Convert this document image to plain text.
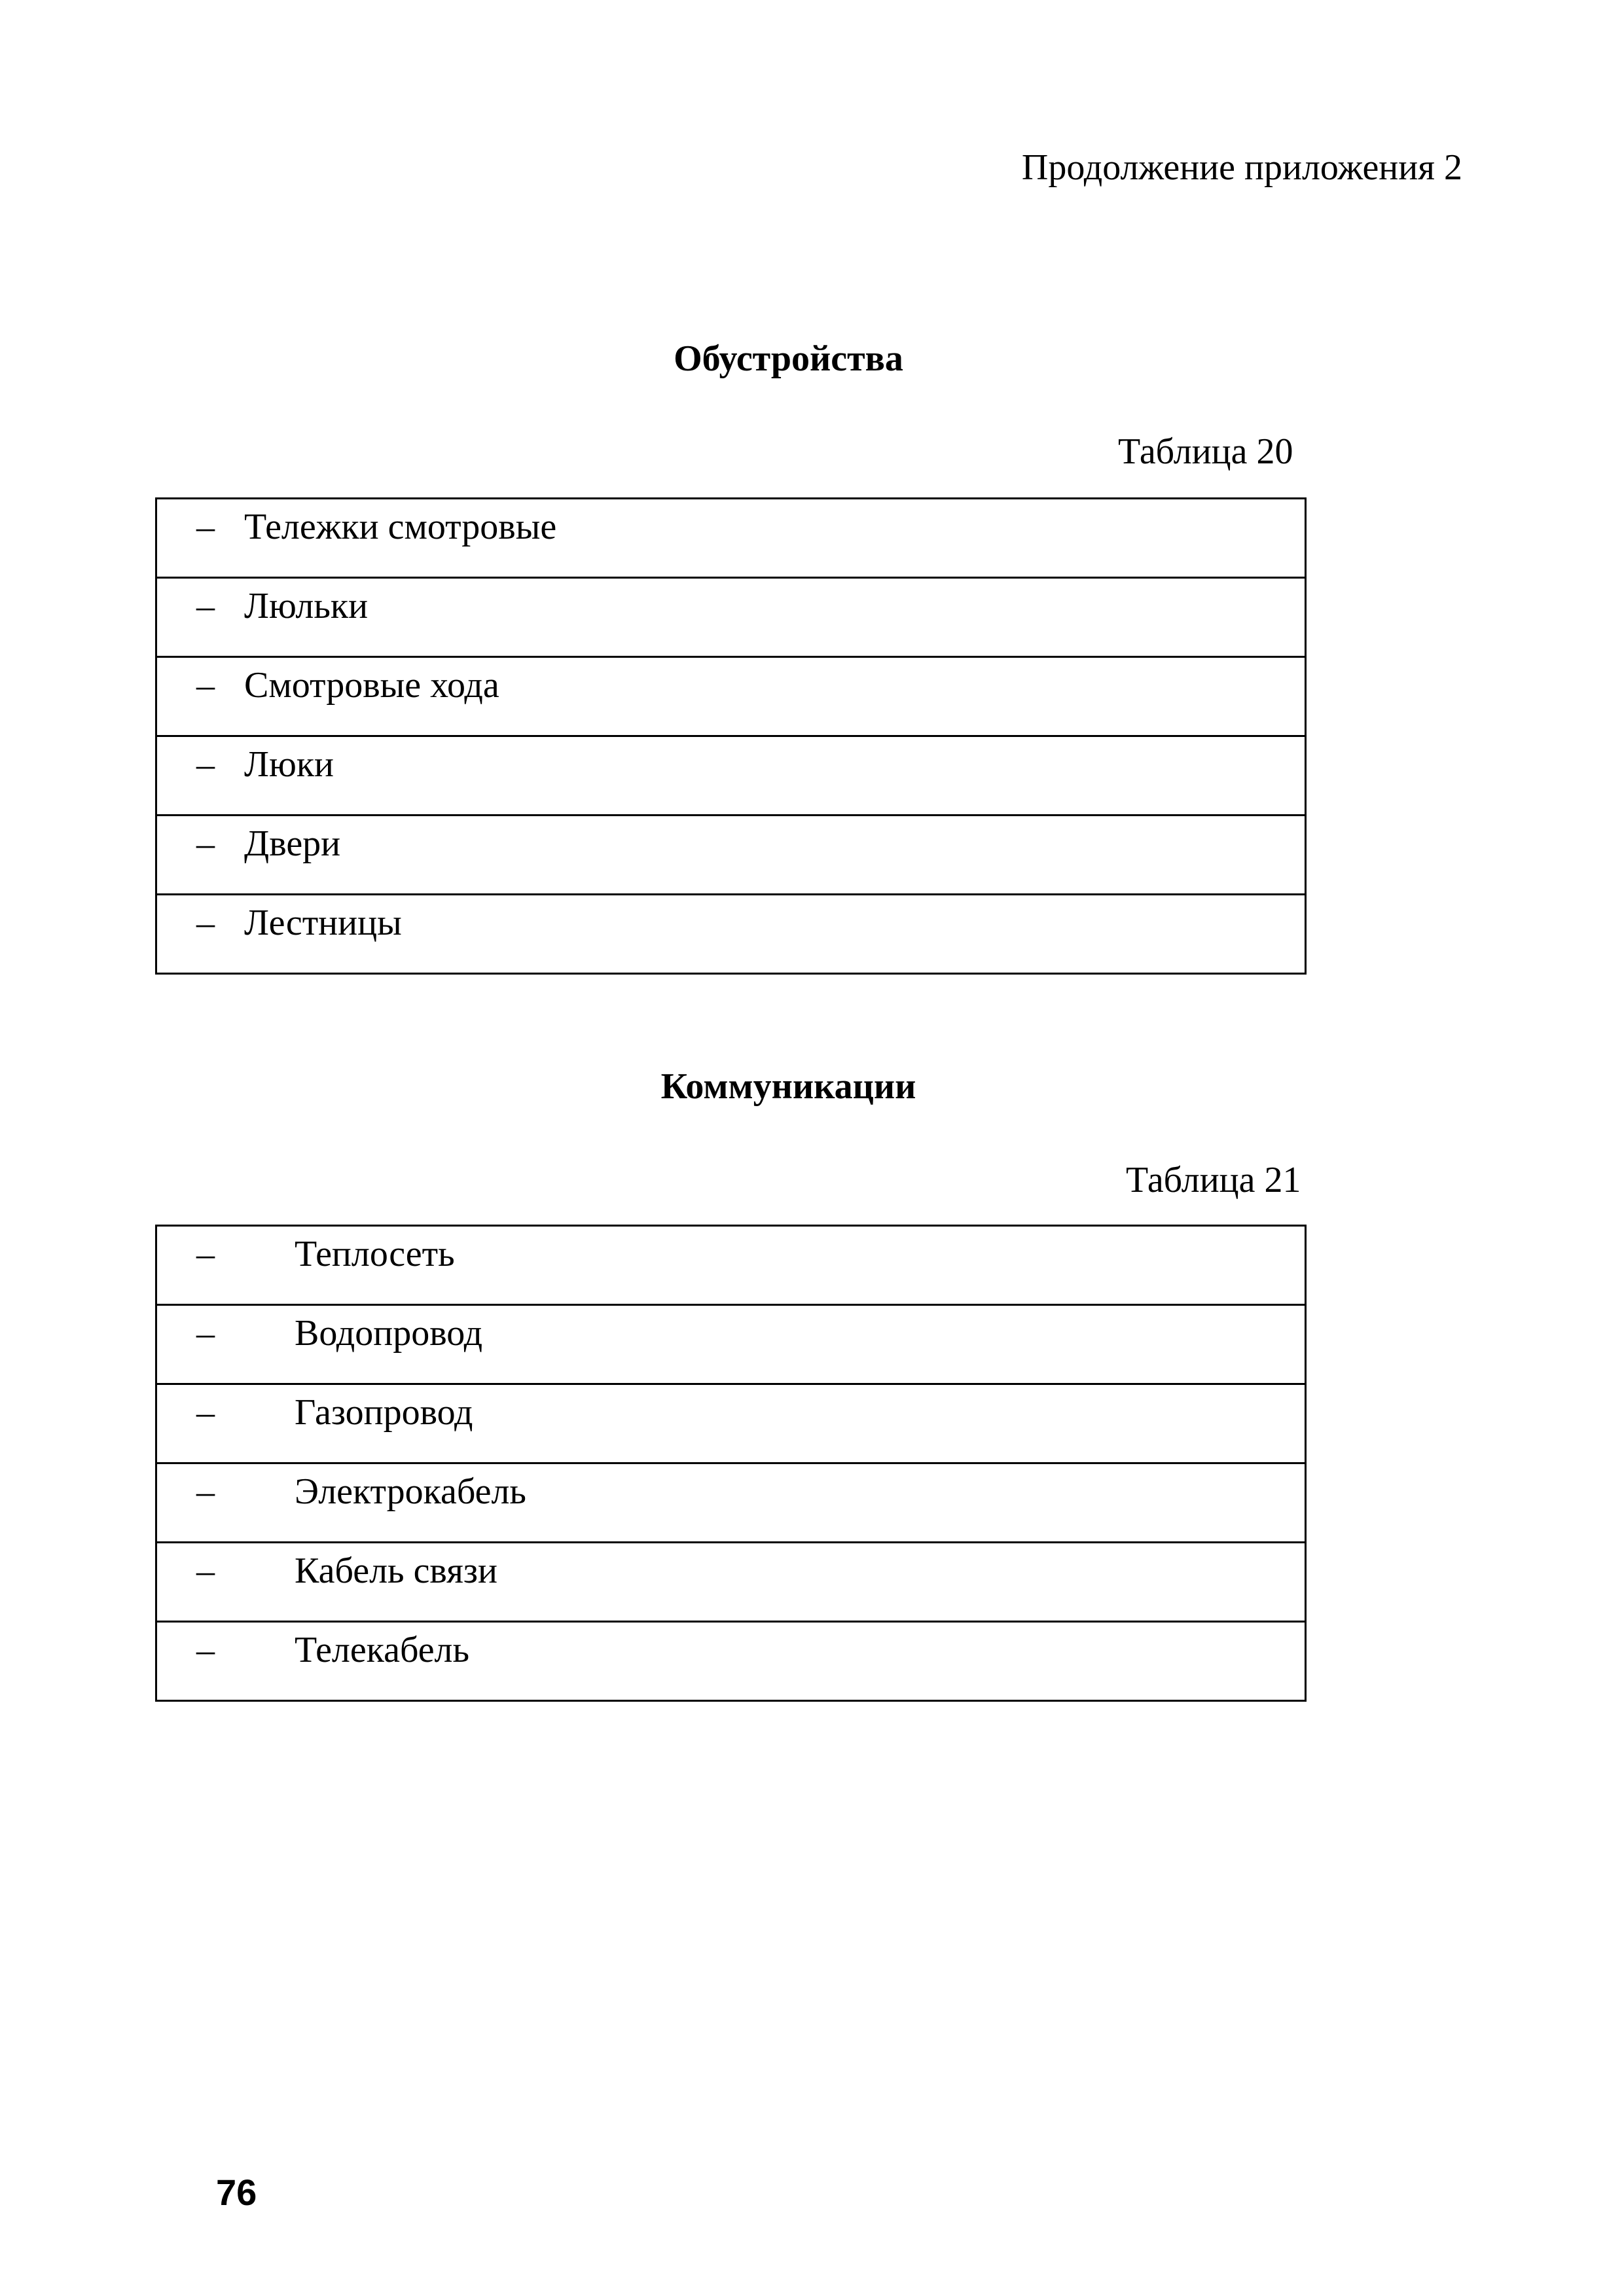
Продолжение приложения 2
Обустройства
Таблица 20
– Тележки смотровые

– Люльки

– Смотровые хода

– Люки

– Двери

– Лестницы
Коммуникации
Таблица 21
– Теплосеть

– Водопровод

– Газопровод

– Электрокабель

– Кабель связи

– Телекабель
76
